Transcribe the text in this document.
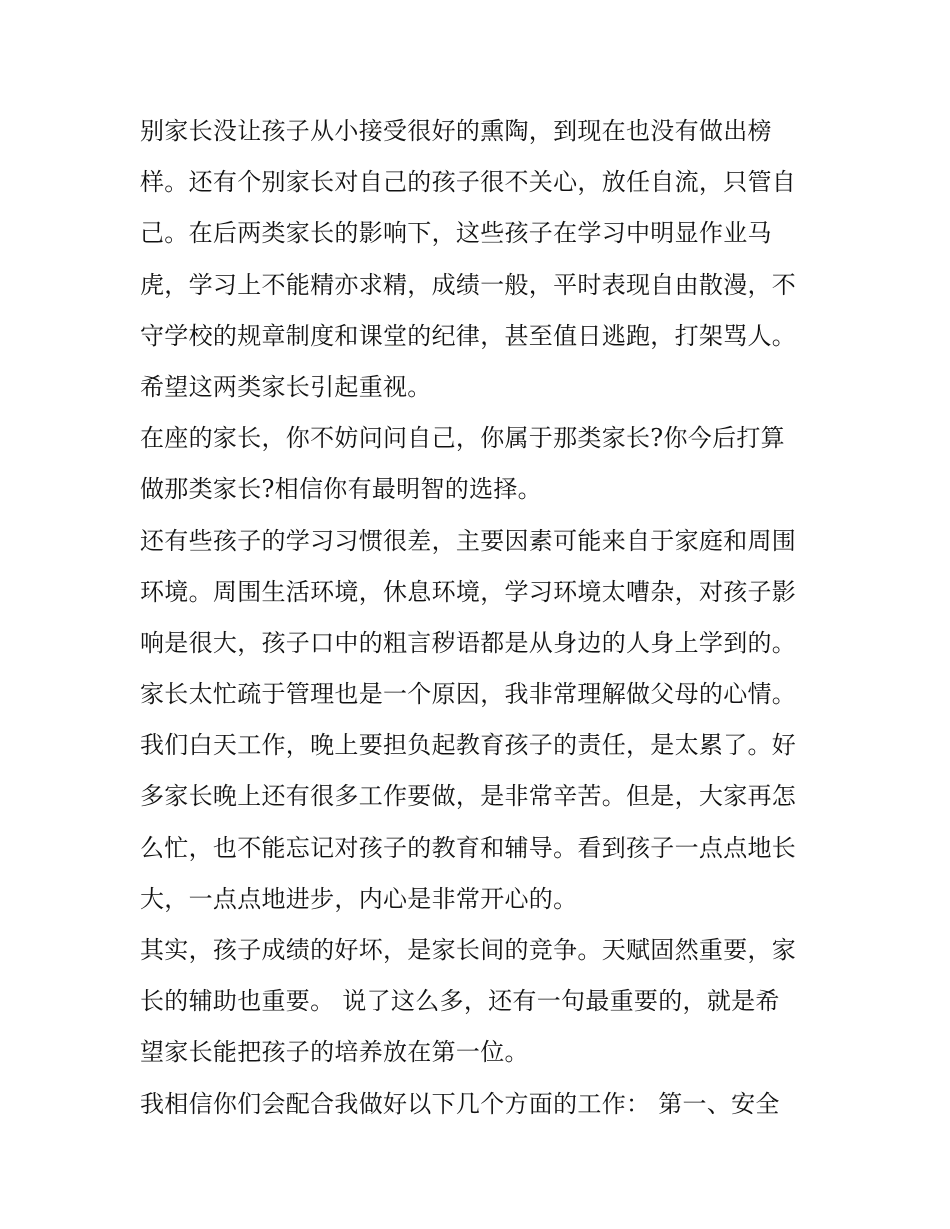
别家长没让孩子从小接受很好的熏陶，到现在也没有做出榜
样。还有个别家长对自己的孩子很不关心，放任自流，只管自
己。在后两类家长的影响下，这些孩子在学习中明显作业马
虎，学习上不能精亦求精，成绩一般，平时表现自由散漫，不
守学校的规章制度和课堂的纪律，甚至值日逃跑，打架骂人。
希望这两类家长引起重视。
在座的家长，你不妨问问自己，你属于那类家长?你今后打算
做那类家长?相信你有最明智的选择。
还有些孩子的学习习惯很差，主要因素可能来自于家庭和周围
环境。周围生活环境，休息环境，学习环境太嘈杂，对孩子影
响是很大，孩子口中的粗言秽语都是从身边的人身上学到的。
家长太忙疏于管理也是一个原因，我非常理解做父母的心情。
我们白天工作，晚上要担负起教育孩子的责任，是太累了。好
多家长晚上还有很多工作要做，是非常辛苦。但是，大家再怎
么忙，也不能忘记对孩子的教育和辅导。看到孩子一点点地长
大，一点点地进步，内心是非常开心的。
其实，孩子成绩的好坏，是家长间的竞争。天赋固然重要，家
长的辅助也重要。 说了这么多，还有一句最重要的，就是希
望家长能把孩子的培养放在第一位。
我相信你们会配合我做好以下几个方面的工作： 第一、安全
